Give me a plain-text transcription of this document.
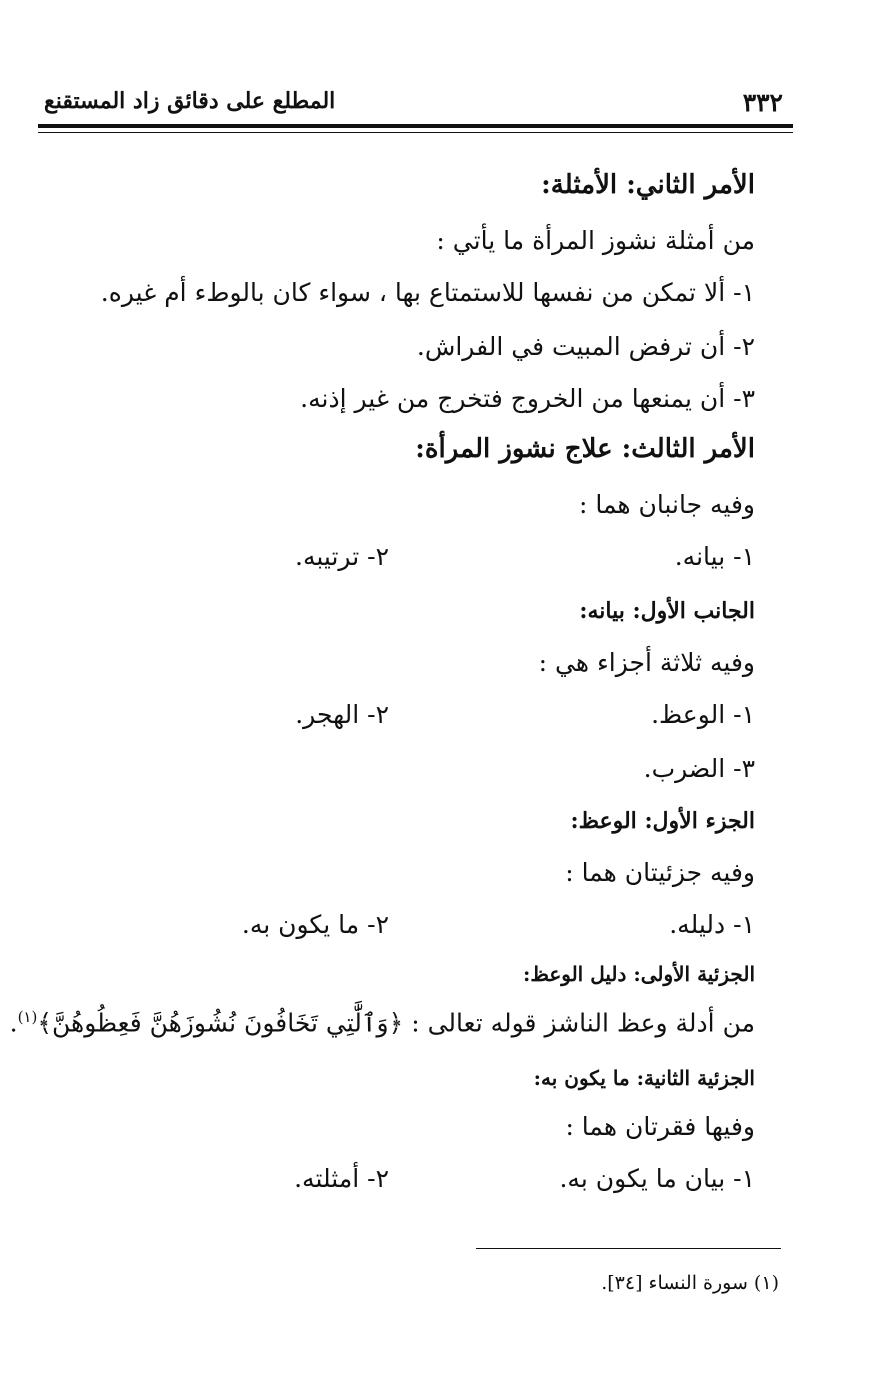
٣٣٢
المطلع على دقائق زاد المستقنع
الأمر الثاني: الأمثلة:
من أمثلة نشوز المرأة ما يأتي :
١- ألا تمكن من نفسها للاستمتاع بها ، سواء كان بالوطء أم غيره.
٢- أن ترفض المبيت في الفراش.
٣- أن يمنعها من الخروج فتخرج من غير إذنه.
الأمر الثالث: علاج نشوز المرأة:
وفيه جانبان هما :
١- بيانه.
٢- ترتيبه.
الجانب الأول: بيانه:
وفيه ثلاثة أجزاء هي :
١- الوعظ.
٢- الهجر.
٣- الضرب.
الجزء الأول: الوعظ:
وفيه جزئيتان هما :
١- دليله.
٢- ما يكون به.
الجزئية الأولى: دليل الوعظ:
من أدلة وعظ الناشز قوله تعالى : ﴿وَٱلَّٰتِي تَخَافُونَ نُشُوزَهُنَّ فَعِظُوهُنَّ﴾$^{(١)}$.
الجزئية الثانية: ما يكون به:
وفيها فقرتان هما :
١- بيان ما يكون به.
٢- أمثلته.
(١) سورة النساء [٣٤].
